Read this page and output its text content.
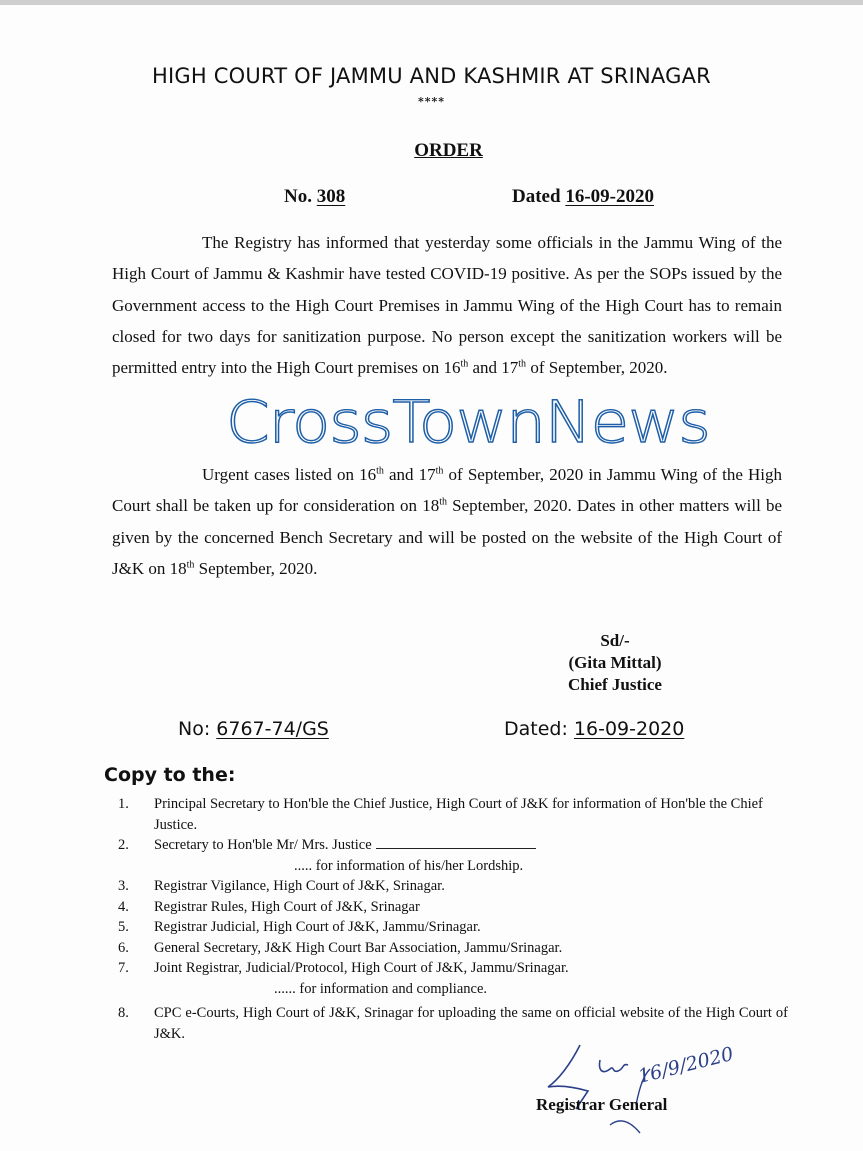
HIGH COURT OF JAMMU AND KASHMIR AT SRINAGAR
****
ORDER
No. 308	Dated 16-09-2020
The Registry has informed that yesterday some officials in the Jammu Wing of the High Court of Jammu & Kashmir have tested COVID-19 positive. As per the SOPs issued by the Government access to the High Court Premises in Jammu Wing of the High Court has to remain closed for two days for sanitization purpose. No person except the sanitization workers will be permitted entry into the High Court premises on 16th and 17th of September, 2020.
Urgent cases listed on 16th and 17th of September, 2020 in Jammu Wing of the High Court shall be taken up for consideration on 18th September, 2020. Dates in other matters will be given by the concerned Bench Secretary and will be posted on the website of the High Court of J&K on 18th September, 2020.
CrossTownNews
Sd/-
(Gita Mittal)
Chief Justice
No: 6767-74/GS	Dated: 16-09-2020
Copy to the:
1. Principal Secretary to Hon'ble the Chief Justice, High Court of J&K for information of Hon'ble the Chief Justice.
2. Secretary to Hon'ble Mr/ Mrs. Justice
..... for information of his/her Lordship.
3. Registrar Vigilance, High Court of J&K, Srinagar.
4. Registrar Rules, High Court of J&K, Srinagar
5. Registrar Judicial, High Court of J&K, Jammu/Srinagar.
6. General Secretary, J&K High Court Bar Association, Jammu/Srinagar.
7. Joint Registrar, Judicial/Protocol, High Court of J&K, Jammu/Srinagar.
...... for information and compliance.
8. CPC e-Courts, High Court of J&K, Srinagar for uploading the same on official website of the High Court of J&K.
16/9/2020
Registrar General
